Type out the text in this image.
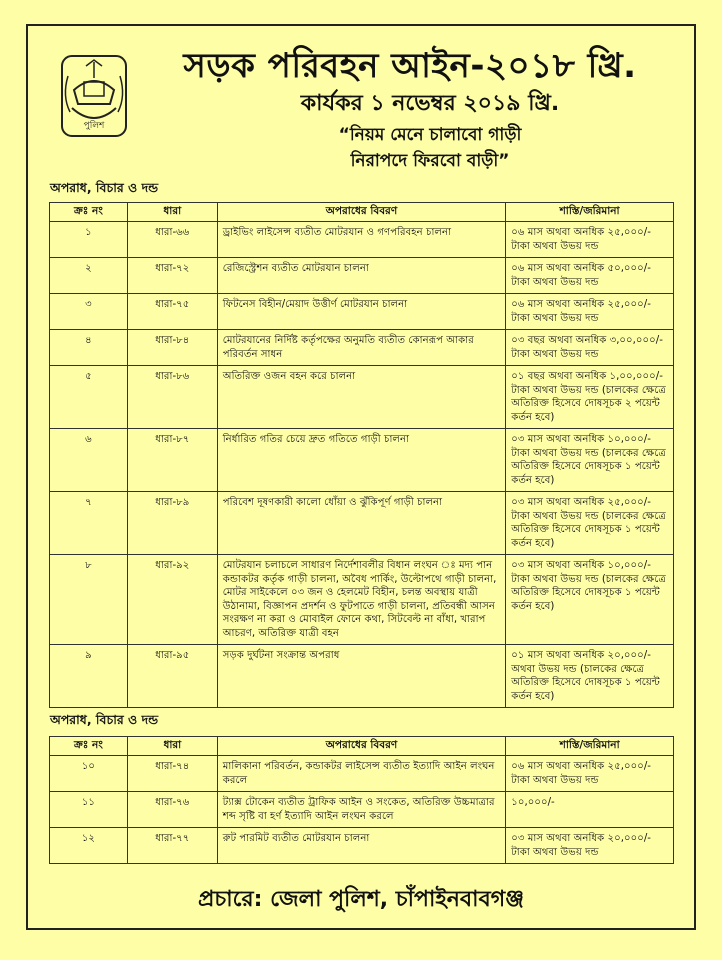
পুলিশ
সড়ক পরিবহন আইন-২০১৮ খ্রি.
কার্যকর ১ নভেম্বর ২০১৯ খ্রি.
“নিয়ম মেনে চালাবো গাড়ী
নিরাপদে ফিরবো বাড়ী”
অপরাধ, বিচার ও দন্ড
ক্রঃ নং	ধারা	অপরাধের বিবরণ	শাস্তি/জরিমানা
১	ধারা-৬৬	ড্রাইভিং লাইসেন্স ব্যতীত মোটরযান ও গণপরিবহন চালনা	০৬ মাস অথবা অনধিক ২৫,০০০/- টাকা অথবা উভয় দন্ড
২	ধারা-৭২	রেজিস্ট্রেশন ব্যতীত মোটরযান চালনা	০৬ মাস অথবা অনধিক ৫০,০০০/- টাকা অথবা উভয় দন্ড
৩	ধারা-৭৫	ফিটনেস বিহীন/মেয়াদ উত্তীর্ণ মোটরযান চালনা	০৬ মাস অথবা অনধিক ২৫,০০০/- টাকা অথবা উভয় দন্ড
৪	ধারা-৮৪	মোটরযানের নির্দিষ্ট কর্তৃপক্ষের অনুমতি ব্যতীত কোনরূপ আকার পরিবর্তন সাধন	০৩ বছর অথবা অনধিক ৩,০০,০০০/- টাকা অথবা উভয় দন্ড
৫	ধারা-৮৬	অতিরিক্ত ওজন বহন করে চালনা	০১ বছর অথবা অনধিক ১,০০,০০০/- টাকা অথবা উভয় দন্ড (চালকের ক্ষেত্রে অতিরিক্ত হিসেবে দোষসূচক ২ পয়েন্ট কর্তন হবে)
৬	ধারা-৮৭	নির্ধারিত গতির চেয়ে দ্রুত গতিতে গাড়ী চালনা	০৩ মাস অথবা অনধিক ১০,০০০/- টাকা অথবা উভয় দন্ড (চালকের ক্ষেত্রে অতিরিক্ত হিসেবে দোষসূচক ১ পয়েন্ট কর্তন হবে)
৭	ধারা-৮৯	পরিবেশ দূষণকারী কালো ধোঁয়া ও ঝুঁকিপূর্ণ গাড়ী চালনা	০৩ মাস অথবা অনধিক ২৫,০০০/- টাকা অথবা উভয় দন্ড (চালকের ক্ষেত্রে অতিরিক্ত হিসেবে দোষসূচক ১ পয়েন্ট কর্তন হবে)
৮	ধারা-৯২	মোটরযান চলাচলে সাধারণ নির্দেশাবলীর বিধান লংঘন ঃ মদ্য পান কন্ডাকটর কর্তৃক গাড়ী চালনা, অবৈধ পার্কিং, উল্টোপথে গাড়ী চালনা, মোটর সাইকেলে ০৩ জন ও হেলমেট বিহীন, চলন্ত অবস্থায় যাত্রী উঠানামা, বিজ্ঞাপন প্রদর্শন ও ফুটপাতে গাড়ী চালনা, প্রতিবন্ধী আসন সংরক্ষণ না করা ও মোবাইল ফোনে কথা, সিটবেল্ট না বাঁধা, খারাপ আচরণ, অতিরিক্ত যাত্রী বহন	০৩ মাস অথবা অনধিক ১০,০০০/- টাকা অথবা উভয় দন্ড (চালকের ক্ষেত্রে অতিরিক্ত হিসেবে দোষসূচক ১ পয়েন্ট কর্তন হবে)
৯	ধারা-৯৫	সড়ক দুর্ঘটনা সংক্রান্ত অপরাধ	০১ মাস অথবা অনধিক ২০,০০০/- অথবা উভয় দন্ড (চালকের ক্ষেত্রে অতিরিক্ত হিসেবে দোষসূচক ১ পয়েন্ট কর্তন হবে)
অপরাধ, বিচার ও দন্ড
ক্রঃ নং	ধারা	অপরাধের বিবরণ	শাস্তি/জরিমানা
১০	ধারা-৭৪	মালিকানা পরিবর্তন, কন্ডাকটর লাইসেন্স ব্যতীত ইত্যাদি আইন লংঘন করলে	০৬ মাস অথবা অনধিক ২৫,০০০/- টাকা অথবা উভয় দন্ড
১১	ধারা-৭৬	ট্যাক্স টোকেন ব্যতীত ট্রাফিক আইন ও সংকেত, অতিরিক্ত উচ্চমাত্রার শব্দ সৃষ্টি বা হর্ণ ইত্যাদি আইন লংঘন করলে	১০,০০০/-
১২	ধারা-৭৭	রুট পারমিট ব্যতীত মোটরযান চালনা	০৩ মাস অথবা অনধিক ২০,০০০/- টাকা অথবা উভয় দন্ড
প্রচারে: জেলা পুলিশ, চাঁপাইনবাবগঞ্জ
